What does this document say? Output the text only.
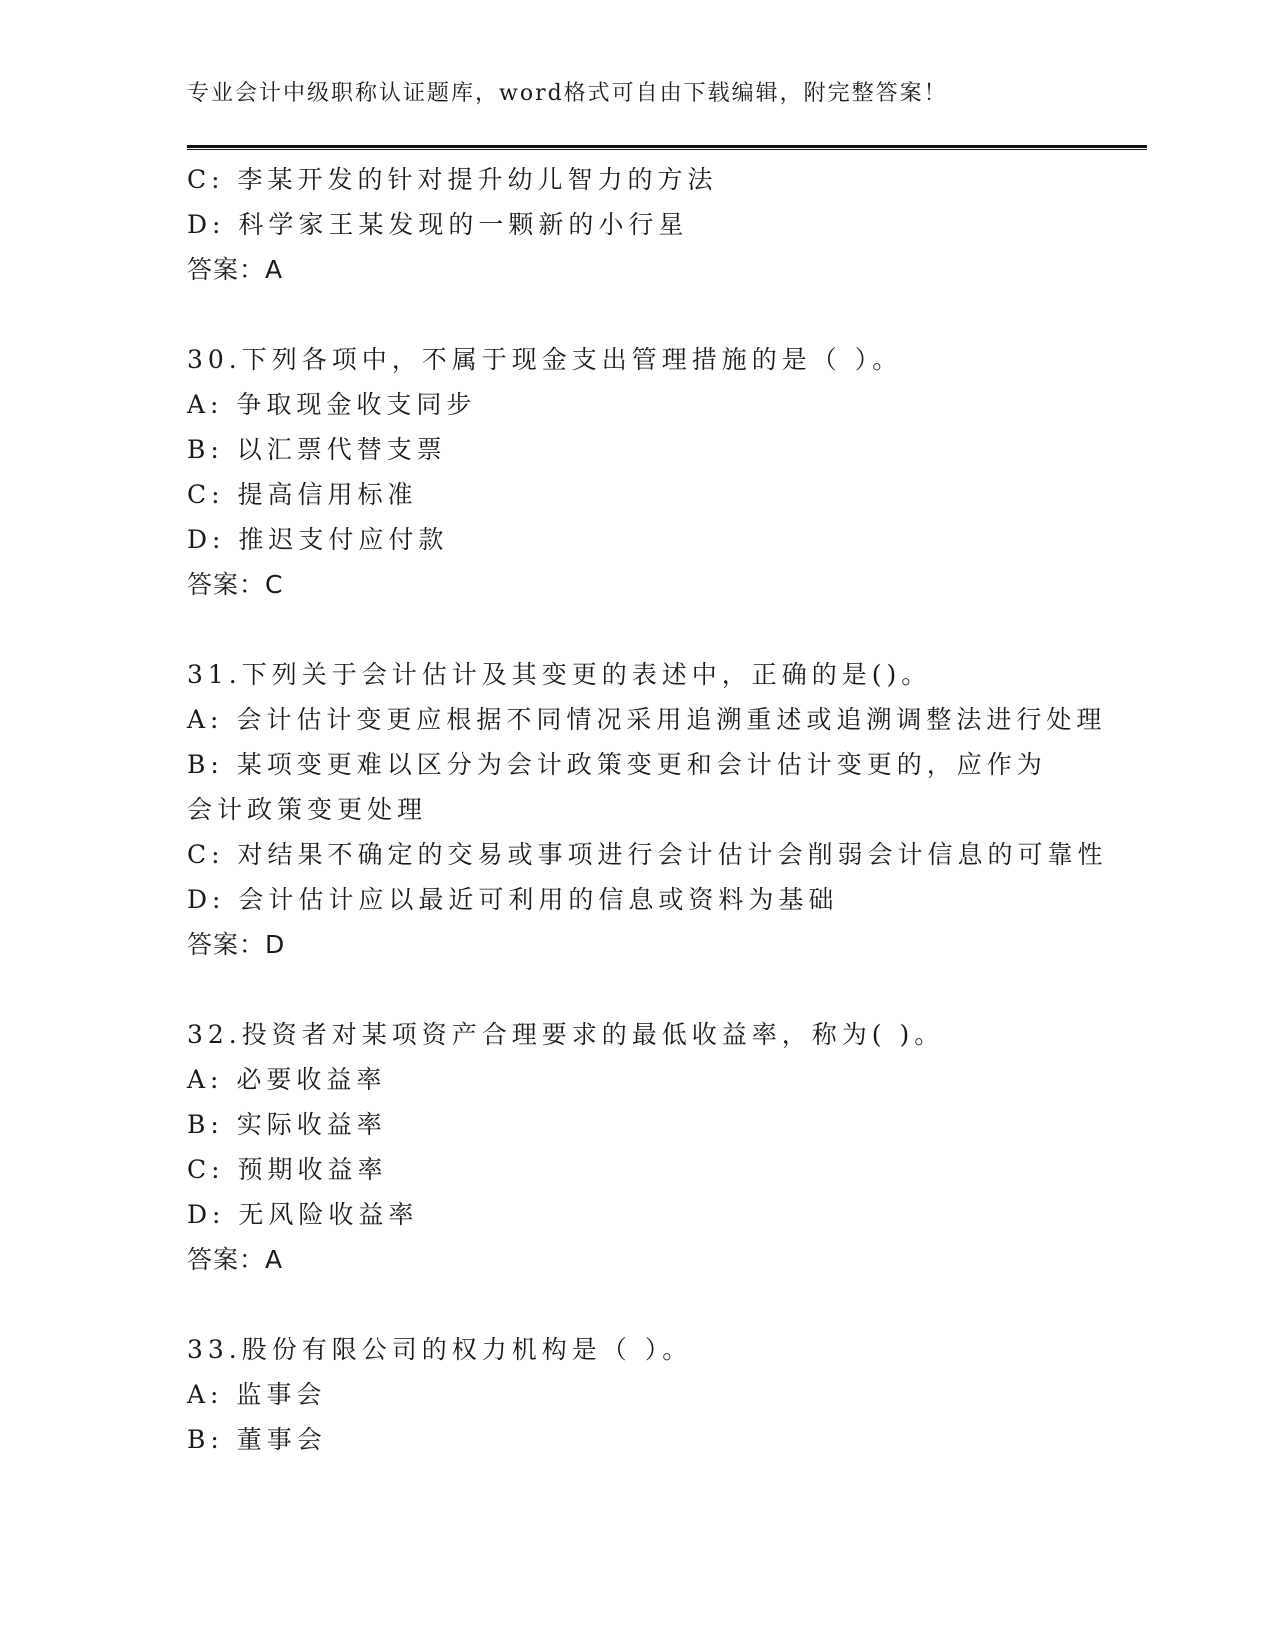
专业会计中级职称认证题库，word格式可自由下载编辑，附完整答案！
C: 李某开发的针对提升幼儿智力的方法
D: 科学家王某发现的一颗新的小行星
答案：A
30.下列各项中，不属于现金支出管理措施的是（ ）。
A: 争取现金收支同步
B: 以汇票代替支票
C: 提高信用标准
D: 推迟支付应付款
答案：C
31.下列关于会计估计及其变更的表述中，正确的是()。
A: 会计估计变更应根据不同情况采用追溯重述或追溯调整法进行处理
B: 某项变更难以区分为会计政策变更和会计估计变更的，应作为会计政策变更处理
C: 对结果不确定的交易或事项进行会计估计会削弱会计信息的可靠性
D: 会计估计应以最近可利用的信息或资料为基础
答案：D
32.投资者对某项资产合理要求的最低收益率，称为( )。
A: 必要收益率
B: 实际收益率
C: 预期收益率
D: 无风险收益率
答案：A
33.股份有限公司的权力机构是（ ）。
A: 监事会
B: 董事会
